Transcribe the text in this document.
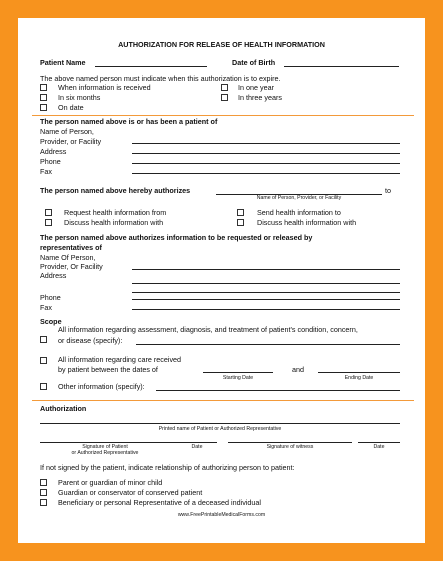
AUTHORIZATION FOR RELEASE OF HEALTH INFORMATION
Patient Name	Date of Birth
The above named person must indicate when this authorization is to expire.
When information is received
In six months
On date
In one year
In three years
The person named above is or has been a patient of
Name of Person,
Provider, or Facility
Address
Phone
Fax
The person named above hereby authorizes	to
Name of Person, Provider, or Facility
Request health information from
Discuss health information with
Send health information to
Discuss health information with
The person named above authorizes information to be requested or released by
representatives of
Name Of Person,
Provider, Or Facility
Address
Phone
Fax
Scope
All information regarding assessment, diagnosis, and treatment of patient's condition, concern,
or disease (specify):
All information regarding care received
by patient between the dates of	and
Starting Date	Ending Date
Other information (specify):
Authorization
Printed name of Patient or Authorized Representative
Signature of Patient
or Authorized Representative
Date	Signature of witness	Date
If not signed by the patient, indicate relationship of authorizing person to patient:
Parent or guardian of minor child
Guardian or conservator of conserved patient
Beneficiary or personal Representative of a deceased individual
www.FreePrintableMedicalForms.com
